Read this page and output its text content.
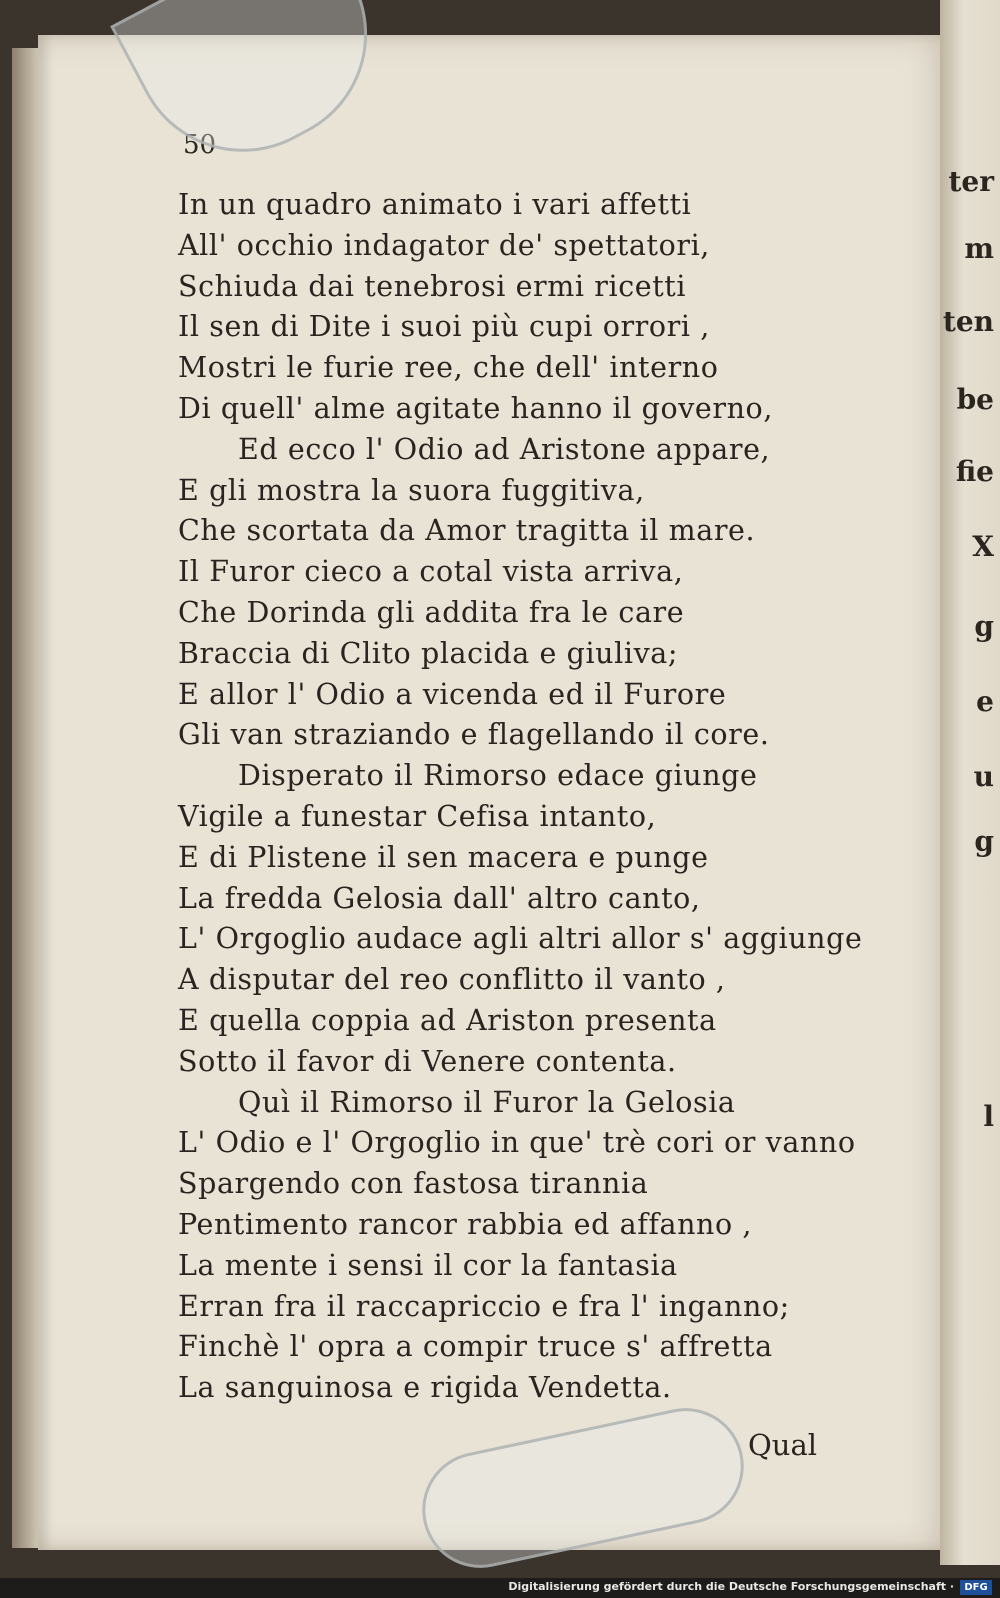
ter
m
ten
be
fie
X
g
e
u
g
l
50
In un quadro animato i vari affetti
All' occhio indagator de' spettatori,
Schiuda dai tenebrosi ermi ricetti
Il sen di Dite i suoi più cupi orrori ,
Mostri le furie ree, che dell' interno
Di quell' alme agitate hanno il governo,
Ed ecco l' Odio ad Aristone appare,
E gli mostra la suora fuggitiva,
Che scortata da Amor tragitta il mare.
Il Furor cieco a cotal vista arriva,
Che Dorinda gli addita fra le care
Braccia di Clito placida e giuliva;
E allor l' Odio a vicenda ed il Furore
Gli van straziando e flagellando il core.
Disperato il Rimorso edace giunge
Vigile a funestar Cefisa intanto,
E di Plistene il sen macera e punge
La fredda Gelosia dall' altro canto,
L' Orgoglio audace agli altri allor s' aggiunge
A disputar del reo conflitto il vanto ,
E quella coppia ad Ariston presenta
Sotto il favor di Venere contenta.
Quì il Rimorso il Furor la Gelosia
L' Odio e l' Orgoglio in que' trè cori or vanno
Spargendo con fastosa tirannia
Pentimento rancor rabbia ed affanno ,
La mente i sensi il cor la fantasia
Erran fra il raccapriccio e fra l' inganno;
Finchè l' opra a compir truce s' affretta
La sanguinosa e rigida Vendetta.
Qual
Digitalisierung gefördert durch die Deutsche Forschungsgemeinschaft ·	DFG
